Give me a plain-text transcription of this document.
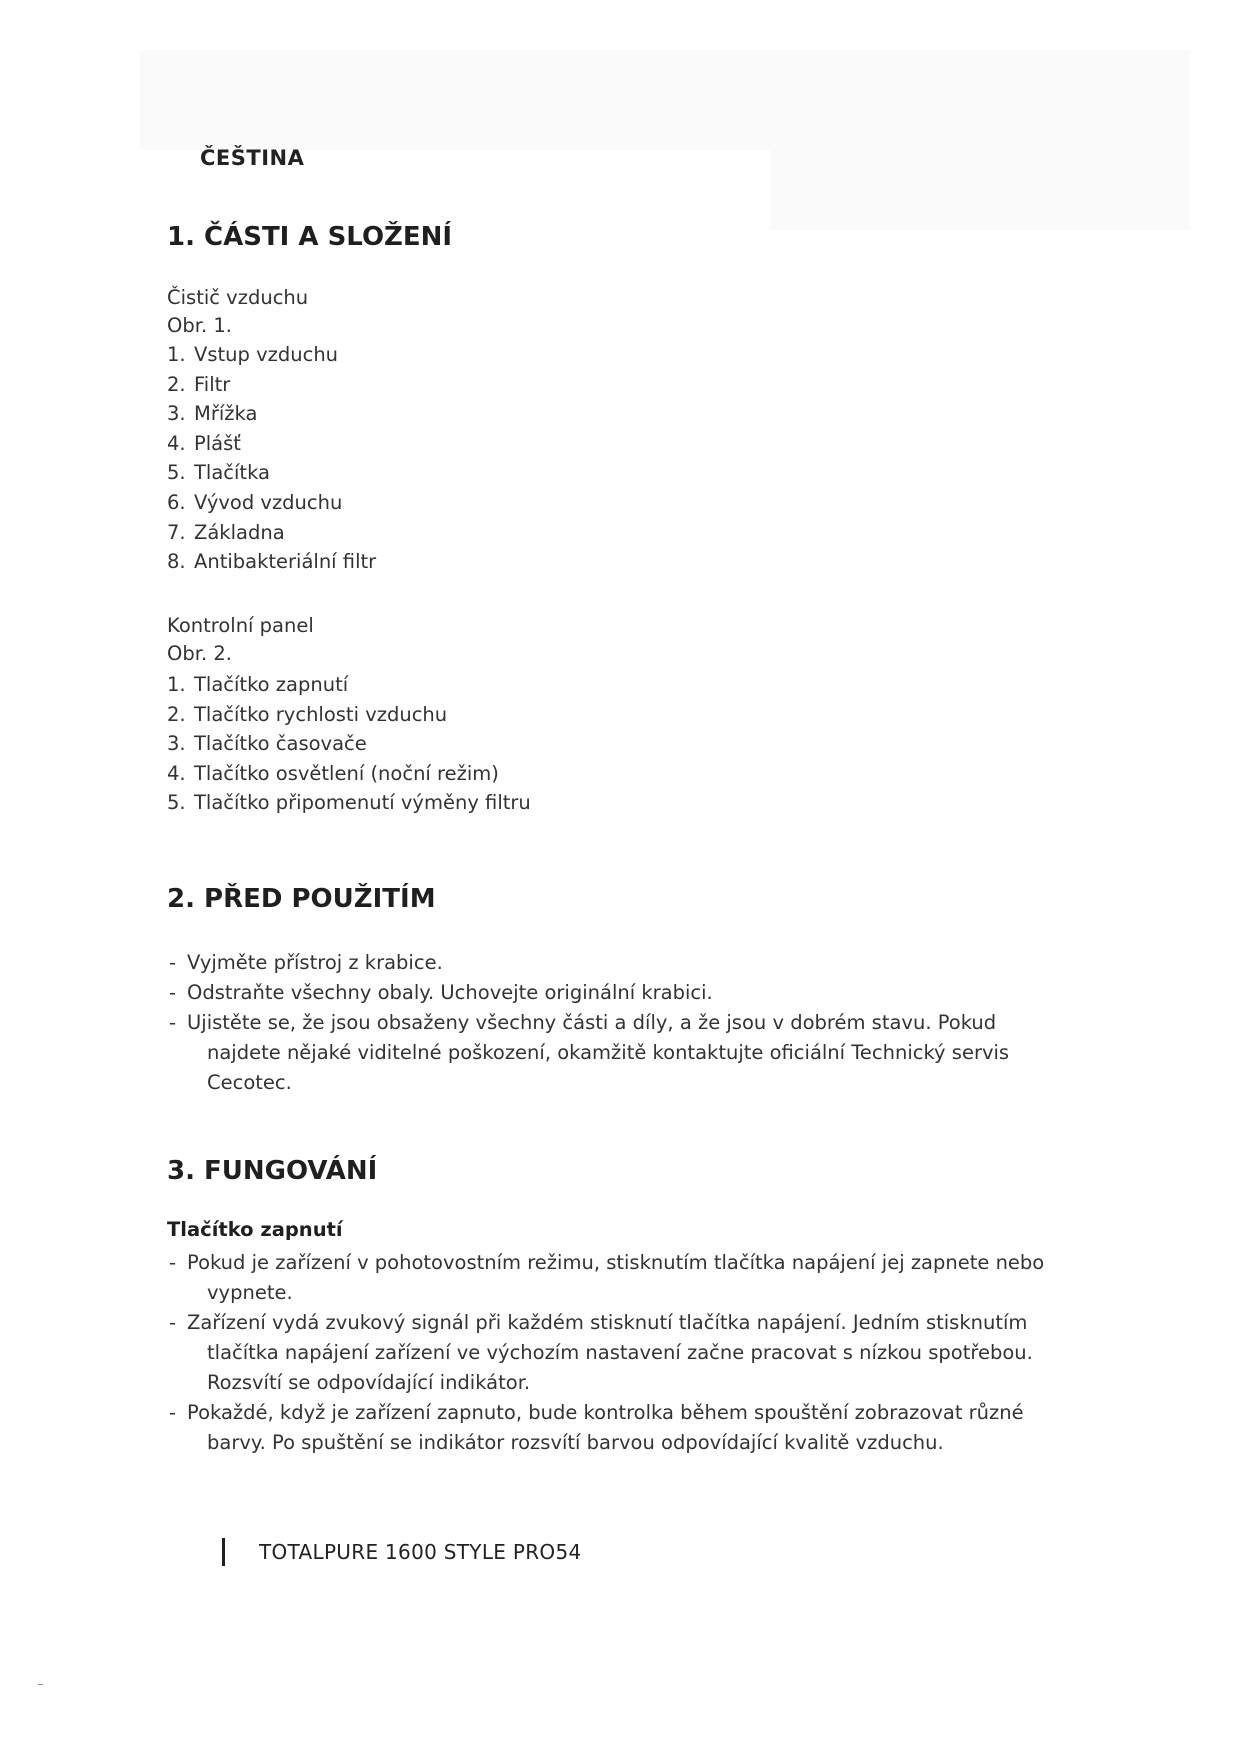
ČEŠTINA
1. ČÁSTI A SLOŽENÍ
Čistič vzduchu
Obr. 1.
1. Vstup vzduchu
2. Filtr
3. Mřížka
4. Plášť
5. Tlačítka
6. Vývod vzduchu
7. Základna
8. Antibakteriální filtr
Kontrolní panel
Obr. 2.
1. Tlačítko zapnutí
2. Tlačítko rychlosti vzduchu
3. Tlačítko časovače
4. Tlačítko osvětlení (noční režim)
5. Tlačítko připomenutí výměny filtru
2. PŘED POUŽITÍM
- Vyjměte přístroj z krabice.
- Odstraňte všechny obaly. Uchovejte originální krabici.
- Ujistěte se, že jsou obsaženy všechny části a díly, a že jsou v dobrém stavu. Pokud najdete nějaké viditelné poškození, okamžitě kontaktujte oficiální Technický servis Cecotec.
3. FUNGOVÁNÍ
Tlačítko zapnutí
- Pokud je zařízení v pohotovostním režimu, stisknutím tlačítka napájení jej zapnete nebo vypnete.
- Zařízení vydá zvukový signál při každém stisknutí tlačítka napájení. Jedním stisknutím tlačítka napájení zařízení ve výchozím nastavení začne pracovat s nízkou spotřebou. Rozsvítí se odpovídající indikátor.
- Pokaždé, když je zařízení zapnuto, bude kontrolka během spouštění zobrazovat různé barvy. Po spuštění se indikátor rozsvítí barvou odpovídající kvalitě vzduchu.
TOTALPURE 1600 STYLE PRO54
